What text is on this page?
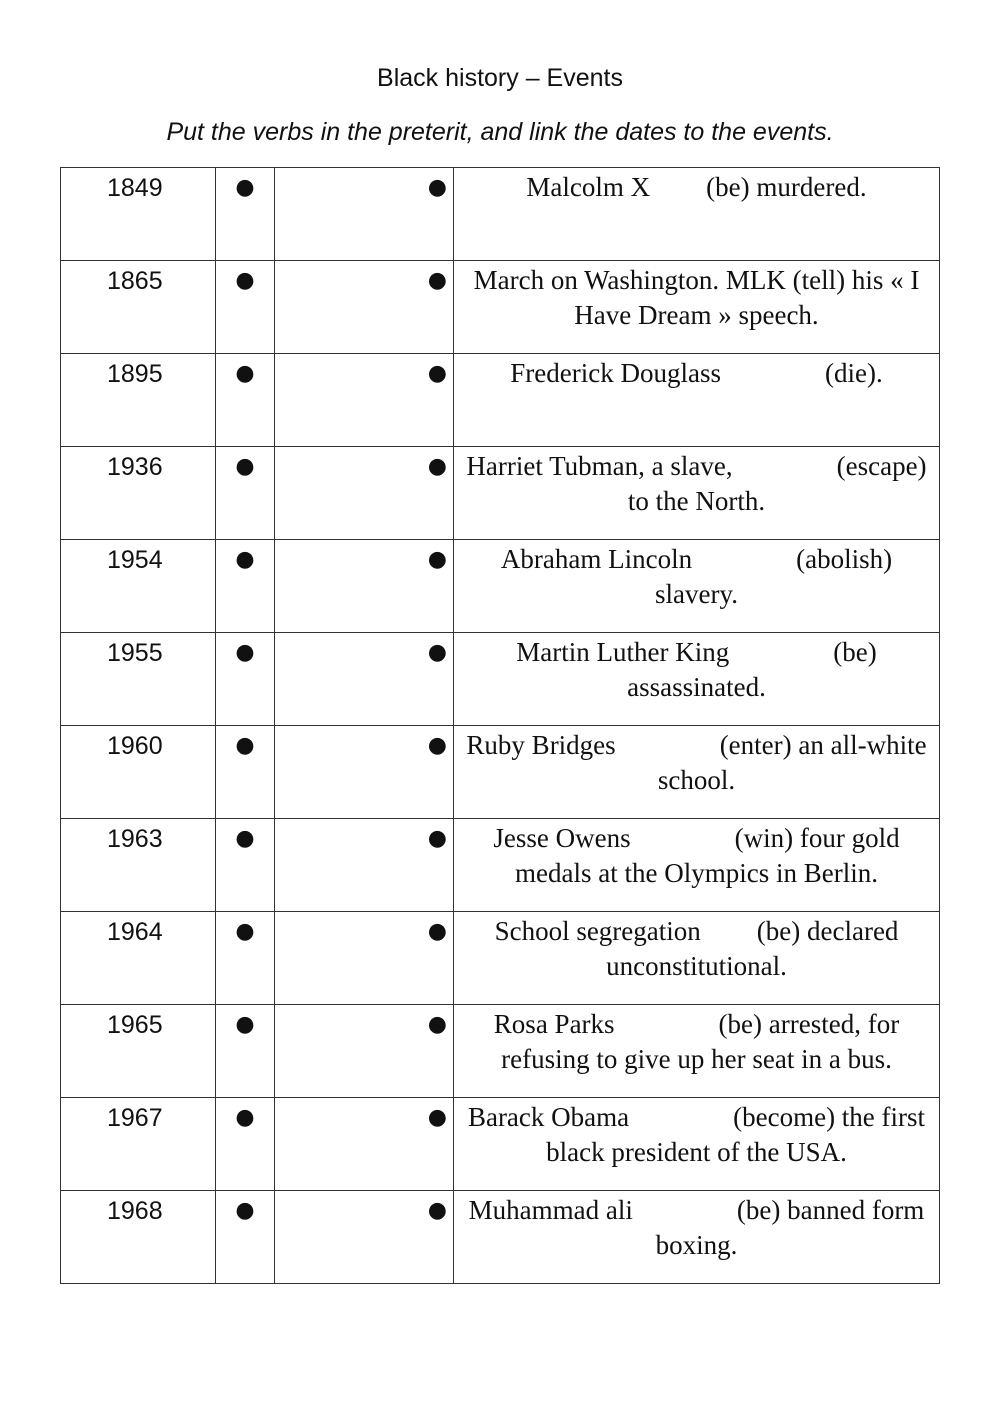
Black history – Events
Put the verbs in the preterit, and link the dates to the events.
1849	●	●	Malcolm X (be) murdered.
1865	●	●	March on Washington. MLK (tell) his « I Have Dream » speech.
1895	●	●	Frederick Douglass (die).
1936	●	●	Harriet Tubman, a slave, (escape) to the North.
1954	●	●	Abraham Lincoln (abolish) slavery.
1955	●	●	Martin Luther King (be) assassinated.
1960	●	●	Ruby Bridges (enter) an all-white school.
1963	●	●	Jesse Owens (win) four gold medals at the Olympics in Berlin.
1964	●	●	School segregation (be) declared unconstitutional.
1965	●	●	Rosa Parks (be) arrested, for refusing to give up her seat in a bus.
1967	●	●	Barack Obama (become) the first black president of the USA.
1968	●	●	Muhammad ali (be) banned form boxing.
